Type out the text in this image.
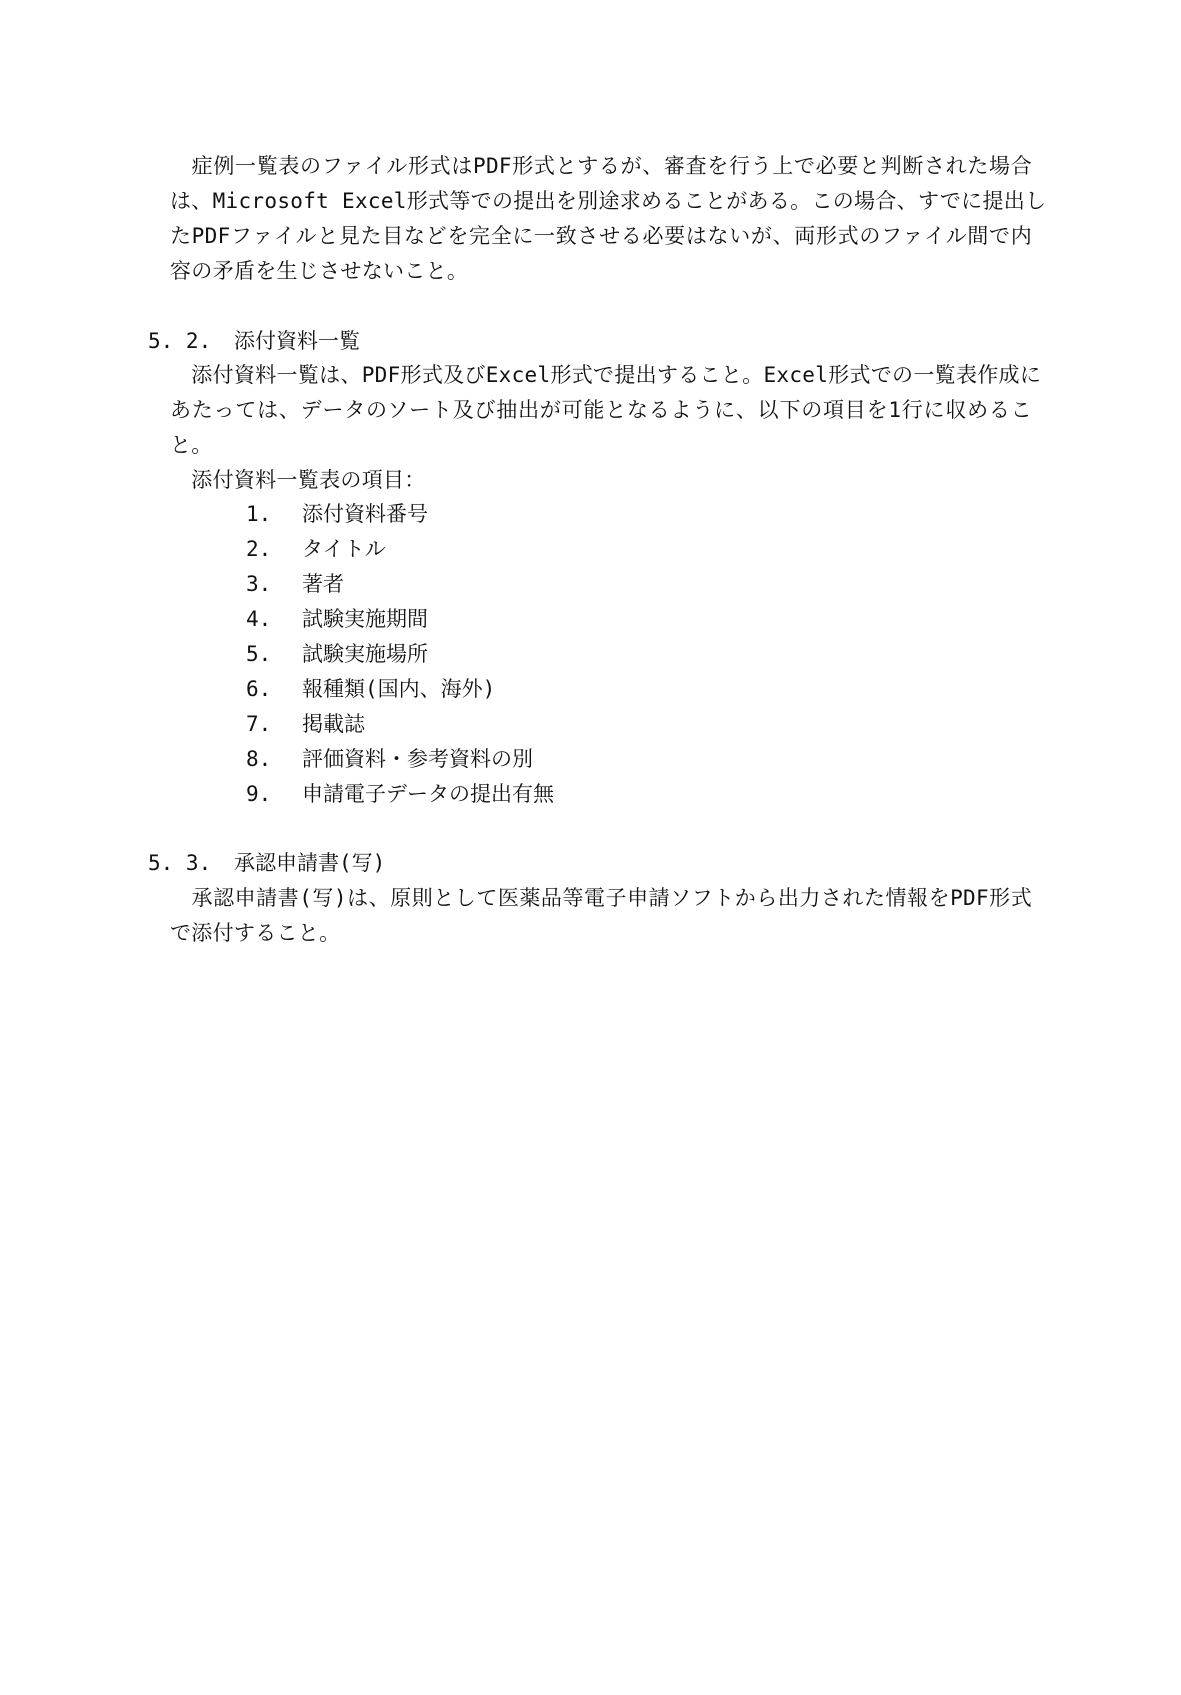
　症例一覧表のファイル形式はPDF形式とするが、審査を行う上で必要と判断された場合
は、Microsoft Excel形式等での提出を別途求めることがある。この場合、すでに提出し
たPDFファイルと見た目などを完全に一致させる必要はないが、両形式のファイル間で内
容の矛盾を生じさせないこと。
5. 2. 添付資料一覧
　添付資料一覧は、PDF形式及びExcel形式で提出すること。Excel形式での一覧表作成に
あたっては、データのソート及び抽出が可能となるように、以下の項目を1行に収めるこ
と。
　添付資料一覧表の項目：
1. 添付資料番号
2. タイトル
3. 著者
4. 試験実施期間
5. 試験実施場所
6. 報種類(国内、海外)
7. 掲載誌
8. 評価資料・参考資料の別
9. 申請電子データの提出有無
5. 3. 承認申請書(写)
　承認申請書(写)は、原則として医薬品等電子申請ソフトから出力された情報をPDF形式
で添付すること。
